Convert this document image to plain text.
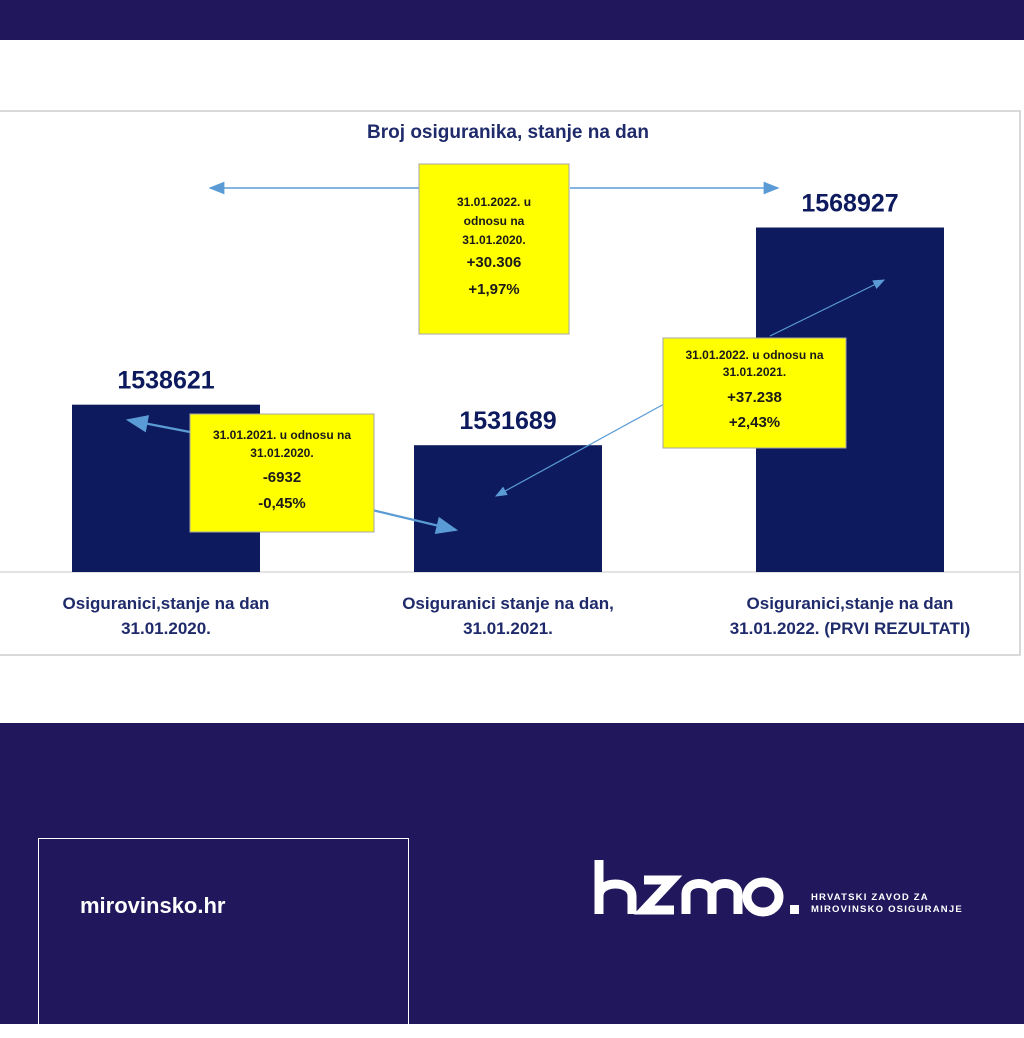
Broj osiguranika, stanje na dan
1538621
1531689
1568927
Osiguranici,stanje na dan
31.01.2020.
Osiguranici stanje na dan,
31.01.2021.
Osiguranici,stanje na dan
31.01.2022. (PRVI REZULTATI)
31.01.2022. u
odnosu na
31.01.2020.
+30.306
+1,97%
31.01.2021. u odnosu na
31.01.2020.
-6932
-0,45%
31.01.2022. u odnosu na
31.01.2021.
+37.238
+2,43%
mirovinsko.hr	HRVATSKI ZAVOD ZA
MIROVINSKO OSIGURANJE
